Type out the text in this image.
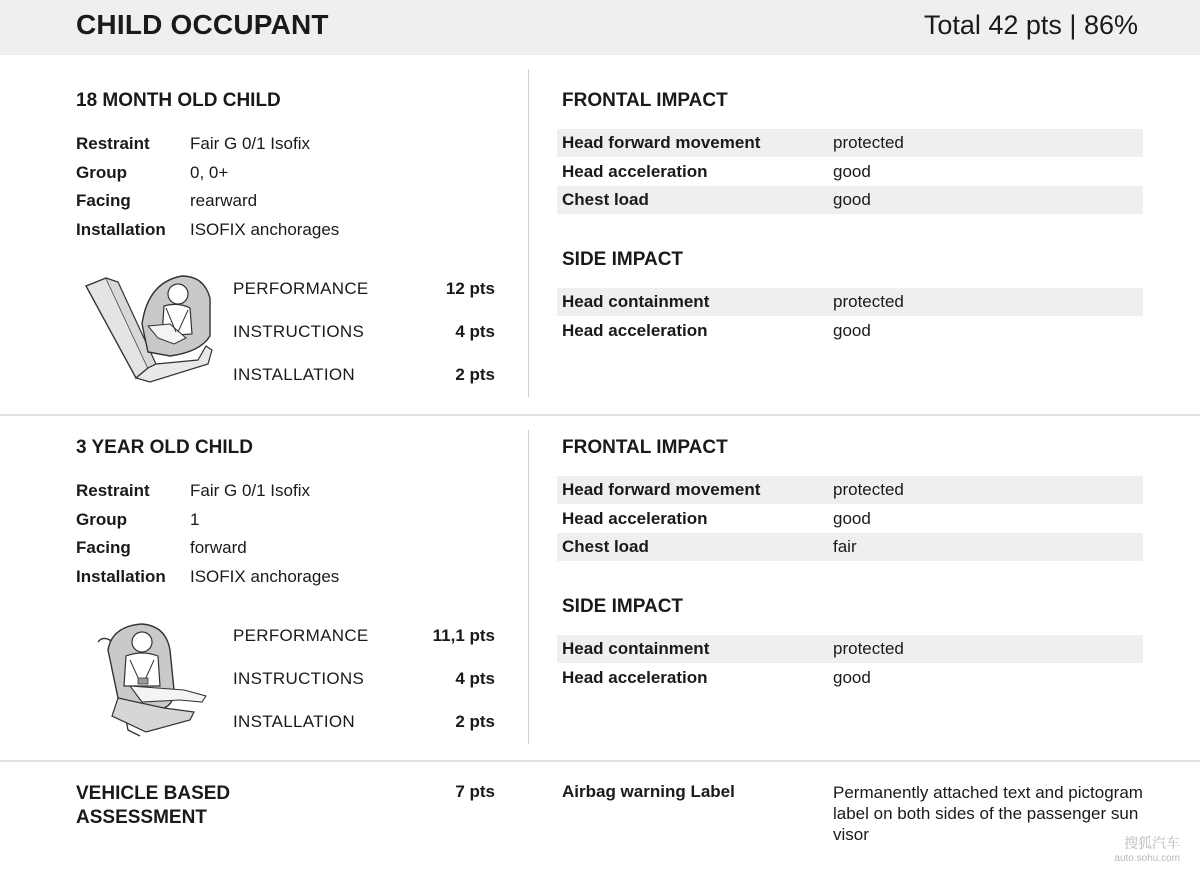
CHILD OCCUPANT	Total 42 pts | 86%
18 MONTH OLD CHILD
Restraint Fair G 0/1 Isofix
Group	0, 0+
Facing	rearward
Installation ISOFIX anchorages
PERFORMANCE	12 pts
INSTRUCTIONS	4 pts
INSTALLATION	2 pts
FRONTAL IMPACT
Head forward movement	protected
Head acceleration	good
Chest load	good
SIDE IMPACT
Head containment	protected
Head acceleration	good
3 YEAR OLD CHILD
Restraint Fair G 0/1 Isofix
Group	1
Facing	forward
Installation ISOFIX anchorages
PERFORMANCE	11,1 pts
INSTRUCTIONS	4 pts
INSTALLATION	2 pts
FRONTAL IMPACT
Head forward movement	protected
Head acceleration	good
Chest load	fair
SIDE IMPACT
Head containment	protected
Head acceleration	good
VEHICLE BASED
ASSESSMENT
7 pts	Airbag warning Label	Permanently attached text and pictogram label on both sides of the passenger sun visor	搜狐汽车
auto.sohu.com
